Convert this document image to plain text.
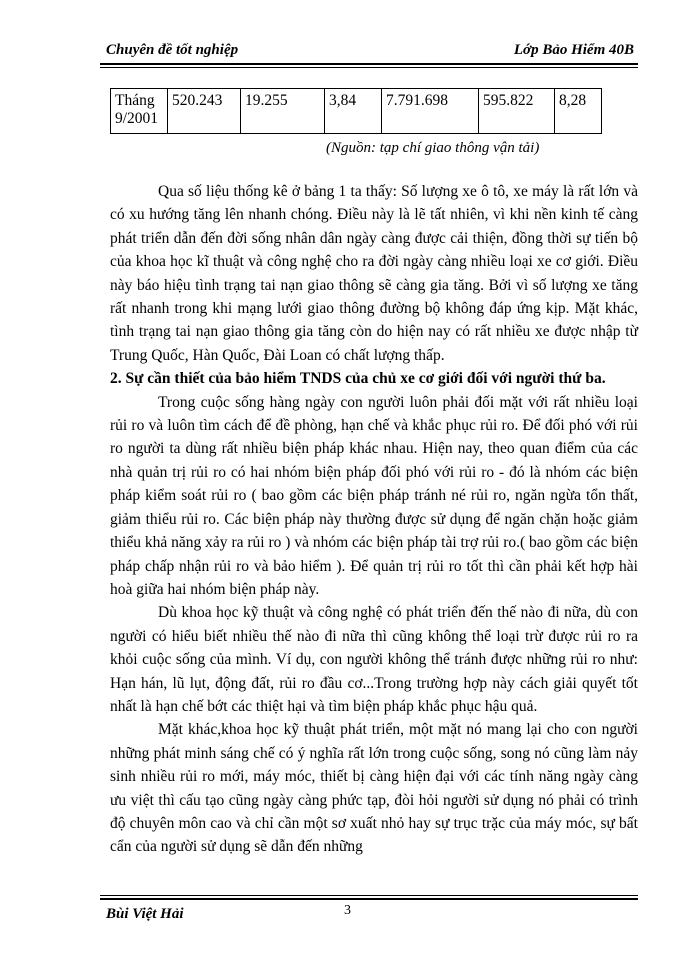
Chuyên đề tốt nghiệp	Lớp Bảo Hiểm 40B
Tháng 9/2001	520.243	19.255	3,84	7.791.698	595.822	8,28
(Nguồn: tạp chí giao thông vận tải)

Qua số liệu thống kê ở bảng 1 ta thấy: Số lượng xe ô tô, xe máy là rất lớn và có xu hướng tăng lên nhanh chóng. Điều này là lẽ tất nhiên, vì khi nền kinh tế càng phát triển dẫn đến đời sống nhân dân ngày càng được cải thiện, đồng thời sự tiến bộ của khoa học kĩ thuật và công nghệ cho ra đời ngày càng nhiều loại xe cơ giới. Điều này báo hiệu tình trạng tai nạn giao thông sẽ càng gia tăng. Bởi vì số lượng xe tăng rất nhanh trong khi mạng lưới giao thông đường bộ không đáp ứng kịp. Mặt khác, tình trạng tai nạn giao thông gia tăng còn do hiện nay có rất nhiều xe được nhập từ Trung Quốc, Hàn Quốc, Đài Loan có chất lượng thấp.

2. Sự cần thiết của bảo hiểm TNDS của chủ xe cơ giới đối với người thứ ba.

Trong cuộc sống hàng ngày con người luôn phải đối mặt với rất nhiều loại rủi ro và luôn tìm cách để đề phòng, hạn chế và khắc phục rủi ro. Để đối phó với rủi ro người ta dùng rất nhiều biện pháp khác nhau. Hiện nay, theo quan điểm của các nhà quản trị rủi ro có hai nhóm biện pháp đối phó với rủi ro - đó là nhóm các biện pháp kiểm soát rủi ro ( bao gồm các biện pháp tránh né rủi ro, ngăn ngừa tổn thất, giảm thiểu rủi ro. Các biện pháp này thường được sử dụng để ngăn chặn hoặc giảm thiểu khả năng xảy ra rủi ro ) và nhóm các biện pháp tài trợ rủi ro.( bao gồm các biện pháp chấp nhận rủi ro và bảo hiểm ). Để quản trị rủi ro tốt thì cần phải kết hợp hài hoà giữa hai nhóm biện pháp này.

Dù khoa học kỹ thuật và công nghệ có phát triển đến thế nào đi nữa, dù con người có hiểu biết nhiều thế nào đi nữa thì cũng không thể loại trừ được rủi ro ra khỏi cuộc sống của mình. Ví dụ, con người không thể tránh được những rủi ro như: Hạn hán, lũ lụt, động đất, rủi ro đầu cơ...Trong trường hợp này cách giải quyết tốt nhất là hạn chế bớt các thiệt hại và tìm biện pháp khắc phục hậu quả.

Mặt khác,khoa học kỹ thuật phát triển, một mặt nó mang lại cho con người những phát minh sáng chế có ý nghĩa rất lớn trong cuộc sống, song nó cũng làm nảy sinh nhiều rủi ro mới, máy móc, thiết bị càng hiện đại với các tính năng ngày càng ưu việt thì cấu tạo cũng ngày càng phức tạp, đòi hỏi người sử dụng nó phải có trình độ chuyên môn cao và chỉ cần một sơ xuất nhỏ hay sự trục trặc của máy móc, sự bất cẩn của người sử dụng sẽ dẫn đến những

Bùi Việt Hải	3
